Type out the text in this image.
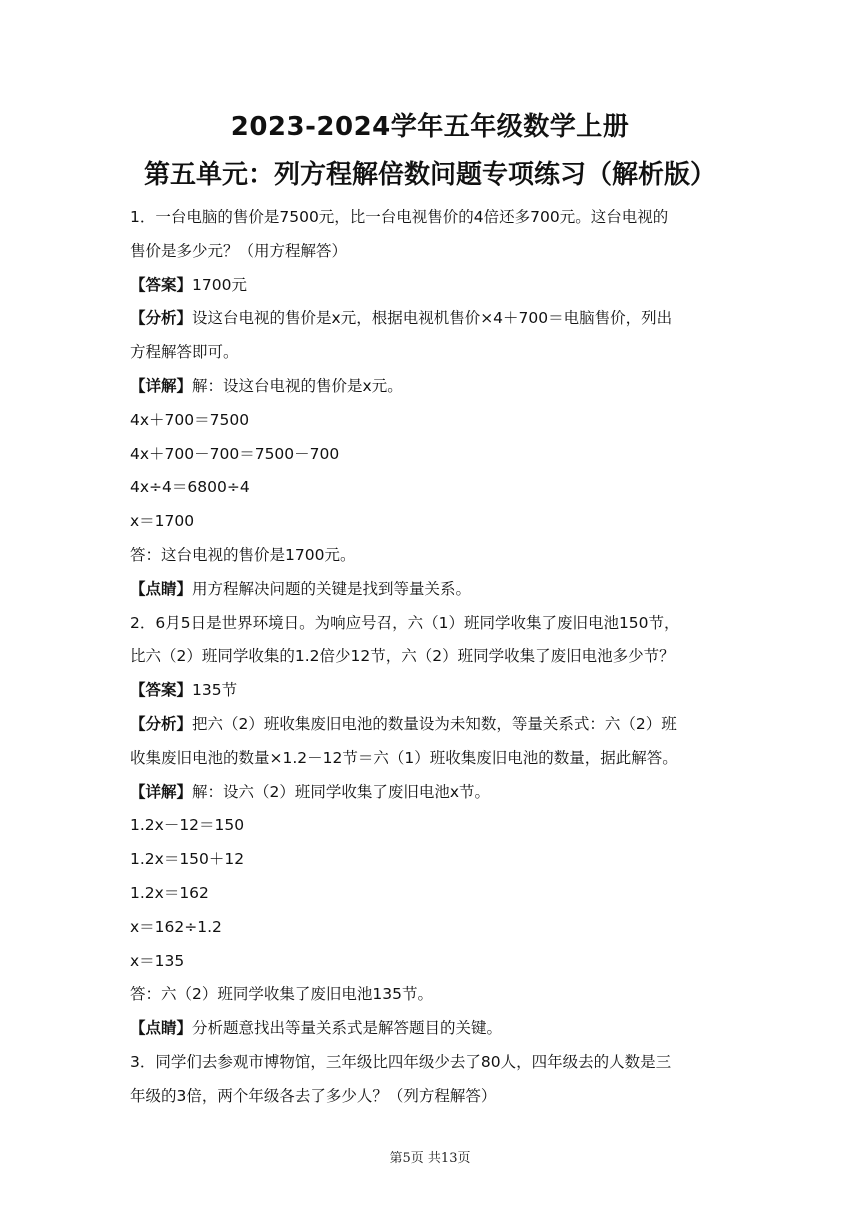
2023-2024学年五年级数学上册
第五单元：列方程解倍数问题专项练习（解析版）
1．一台电脑的售价是7500元，比一台电视售价的4倍还多700元。这台电视的
售价是多少元？（用方程解答）
【答案】1700元
【分析】设这台电视的售价是x元，根据电视机售价×4＋700＝电脑售价，列出
方程解答即可。
【详解】解：设这台电视的售价是x元。
4x＋700＝7500
4x＋700－700＝7500－700
4x÷4＝6800÷4
x＝1700
答：这台电视的售价是1700元。
【点睛】用方程解决问题的关键是找到等量关系。
2．6月5日是世界环境日。为响应号召，六（1）班同学收集了废旧电池150节，
比六（2）班同学收集的1.2倍少12节，六（2）班同学收集了废旧电池多少节？
【答案】135节
【分析】把六（2）班收集废旧电池的数量设为未知数，等量关系式：六（2）班
收集废旧电池的数量×1.2－12节＝六（1）班收集废旧电池的数量，据此解答。
【详解】解：设六（2）班同学收集了废旧电池x节。
1.2x－12＝150
1.2x＝150＋12
1.2x＝162
x＝162÷1.2
x＝135
答：六（2）班同学收集了废旧电池135节。
【点睛】分析题意找出等量关系式是解答题目的关键。
3．同学们去参观市博物馆，三年级比四年级少去了80人，四年级去的人数是三
年级的3倍，两个年级各去了多少人？（列方程解答）
第5页 共13页
